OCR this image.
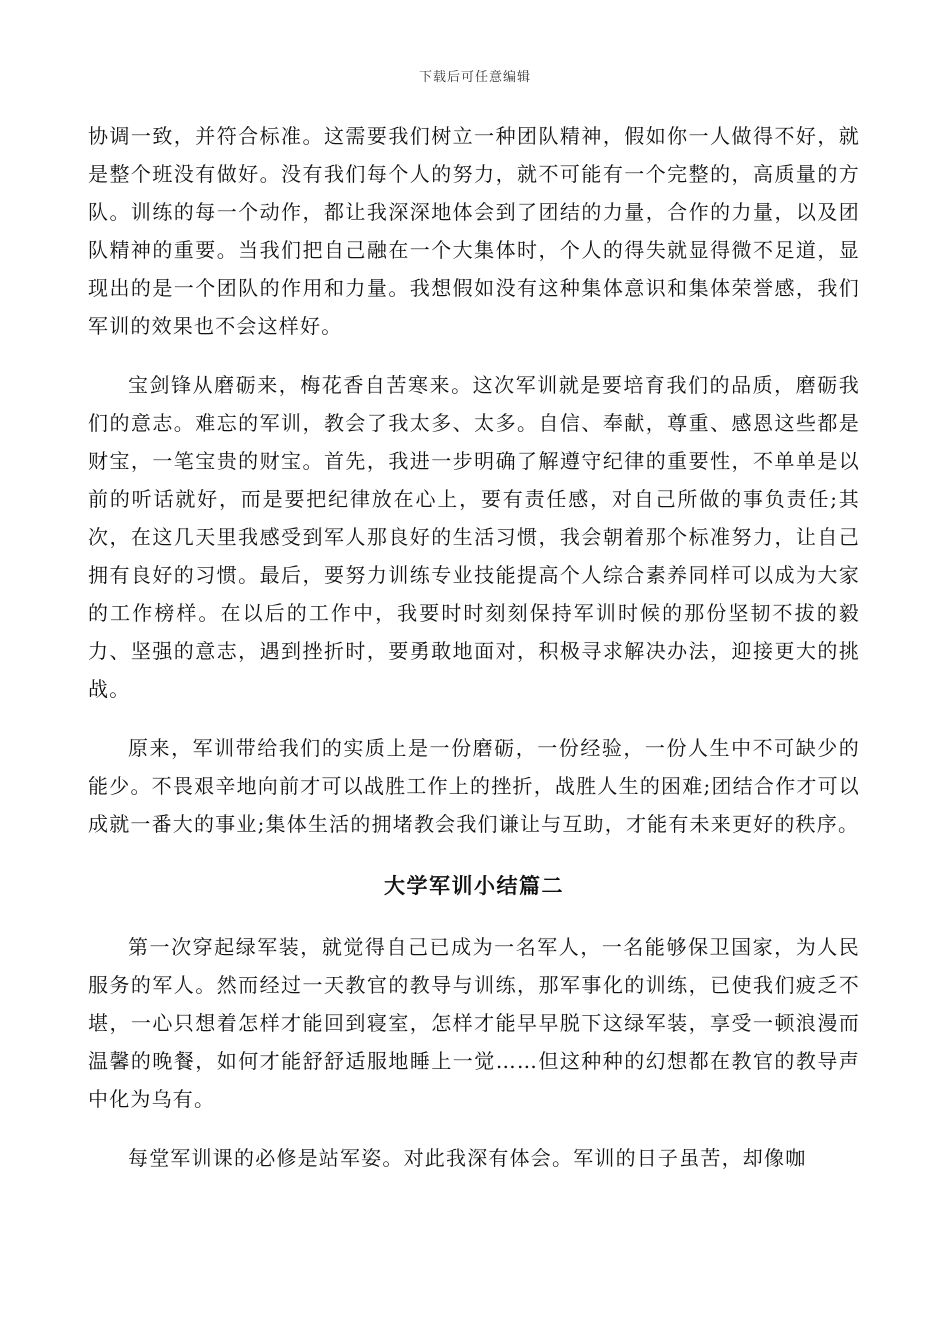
下载后可任意编辑

协调一致，并符合标准。这需要我们树立一种团队精神，假如你一人做得不好，就是整个班没有做好。没有我们每个人的努力，就不可能有一个完整的，高质量的方队。训练的每一个动作，都让我深深地体会到了团结的力量，合作的力量，以及团队精神的重要。当我们把自己融在一个大集体时，个人的得失就显得微不足道，显现出的是一个团队的作用和力量。我想假如没有这种集体意识和集体荣誉感，我们军训的效果也不会这样好。

宝剑锋从磨砺来，梅花香自苦寒来。这次军训就是要培育我们的品质，磨砺我们的意志。难忘的军训，教会了我太多、太多。自信、奉献，尊重、感恩这些都是财宝，一笔宝贵的财宝。首先，我进一步明确了解遵守纪律的重要性，不单单是以前的听话就好，而是要把纪律放在心上，要有责任感，对自己所做的事负责任;其次，在这几天里我感受到军人那良好的生活习惯，我会朝着那个标准努力，让自己拥有良好的习惯。最后，要努力训练专业技能提高个人综合素养同样可以成为大家的工作榜样。在以后的工作中，我要时时刻刻保持军训时候的那份坚韧不拔的毅力、坚强的意志，遇到挫折时，要勇敢地面对，积极寻求解决办法，迎接更大的挑战。

原来，军训带给我们的实质上是一份磨砺，一份经验，一份人生中不可缺少的能少。不畏艰辛地向前才可以战胜工作上的挫折，战胜人生的困难;团结合作才可以成就一番大的事业;集体生活的拥堵教会我们谦让与互助，才能有未来更好的秩序。

大学军训小结篇二

第一次穿起绿军装，就觉得自己已成为一名军人，一名能够保卫国家，为人民服务的军人。然而经过一天教官的教导与训练，那军事化的训练，已使我们疲乏不堪，一心只想着怎样才能回到寝室，怎样才能早早脱下这绿军装，享受一顿浪漫而温馨的晚餐，如何才能舒舒适服地睡上一觉……但这种种的幻想都在教官的教导声中化为乌有。

每堂军训课的必修是站军姿。对此我深有体会。军训的日子虽苦，却像咖
